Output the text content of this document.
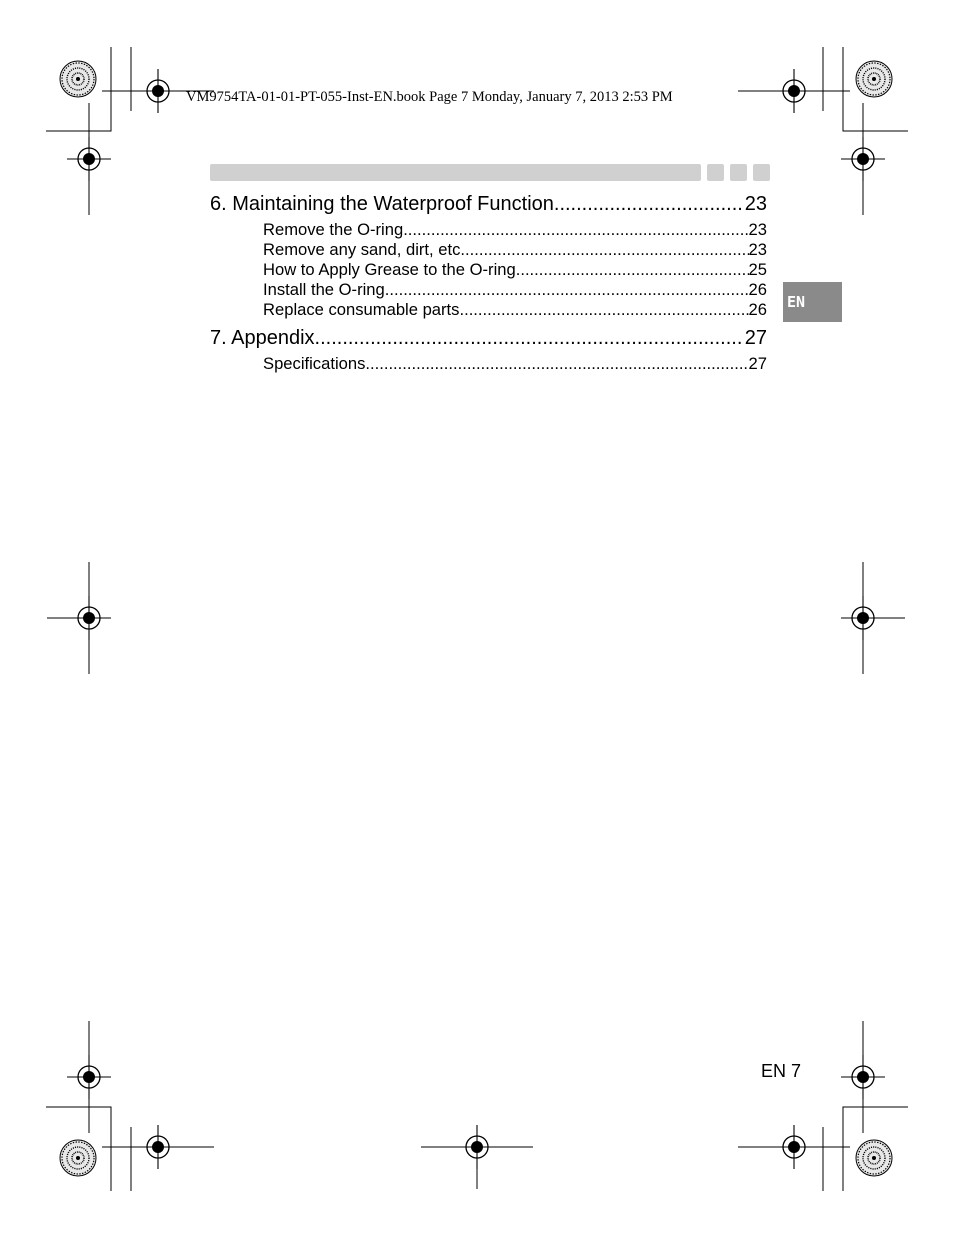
VM9754TA-01-01-PT-055-Inst-EN.book Page 7 Monday, January 7, 2013 2:53 PM
EN
6. Maintaining the Waterproof Function .....	23
Remove the O-ring .....	23
Remove any sand, dirt, etc. .....	23
How to Apply Grease to the O-ring .....	25
Install the O-ring .....	26
Replace consumable parts .....	26
7. Appendix .....	27
Specifications .....	27
EN 7
